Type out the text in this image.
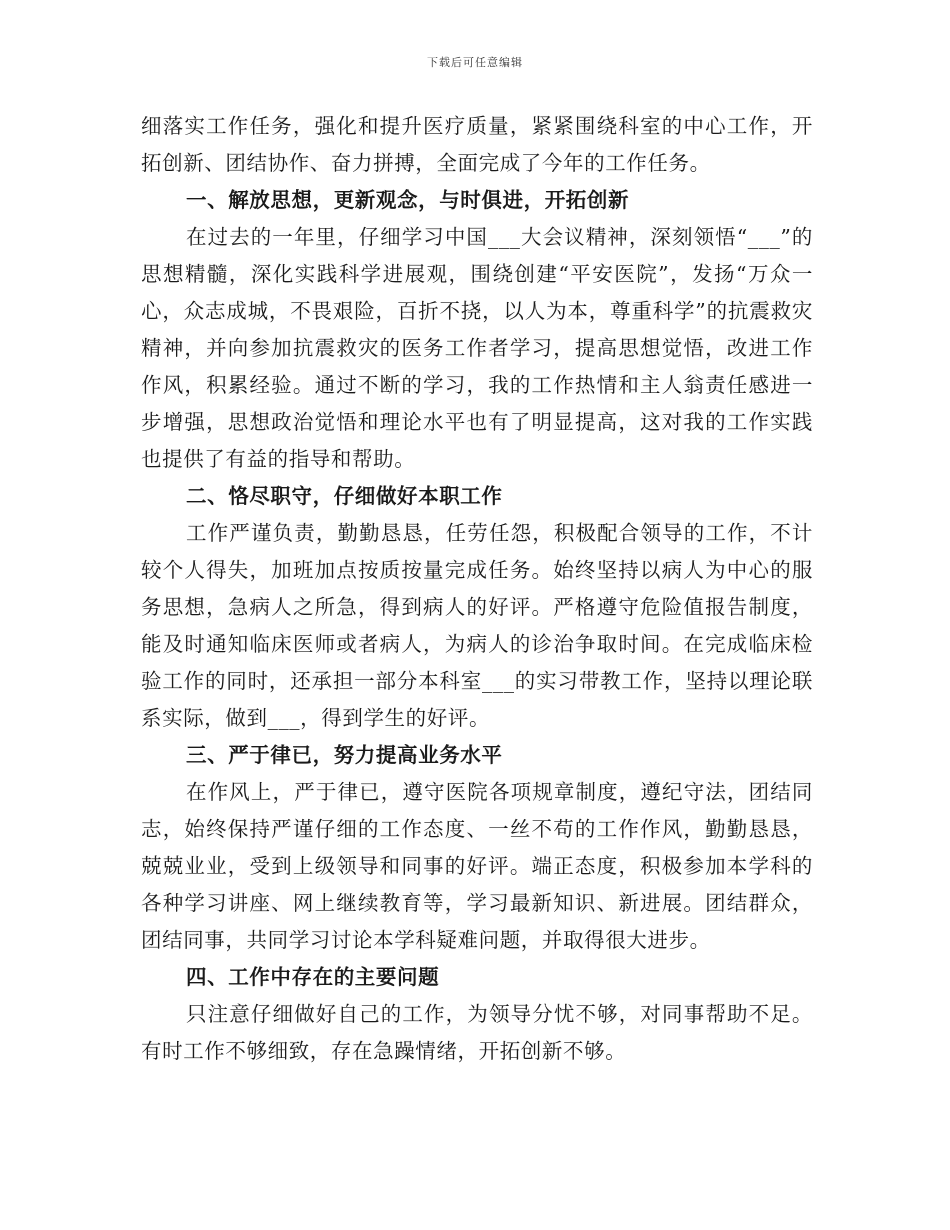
下载后可任意编辑

细落实工作任务，强化和提升医疗质量，紧紧围绕科室的中心工作，开拓创新、团结协作、奋力拼搏，全面完成了今年的工作任务。

一、解放思想，更新观念，与时俱进，开拓创新

在过去的一年里，仔细学习中国___大会议精神，深刻领悟“___”的思想精髓，深化实践科学进展观，围绕创建“平安医院”，发扬“万众一心，众志成城，不畏艰险，百折不挠，以人为本，尊重科学”的抗震救灾精神，并向参加抗震救灾的医务工作者学习，提高思想觉悟，改进工作作风，积累经验。通过不断的学习，我的工作热情和主人翁责任感进一步增强，思想政治觉悟和理论水平也有了明显提高，这对我的工作实践也提供了有益的指导和帮助。

二、恪尽职守，仔细做好本职工作

工作严谨负责，勤勤恳恳，任劳任怨，积极配合领导的工作，不计较个人得失，加班加点按质按量完成任务。始终坚持以病人为中心的服务思想，急病人之所急，得到病人的好评。严格遵守危险值报告制度，能及时通知临床医师或者病人，为病人的诊治争取时间。在完成临床检验工作的同时，还承担一部分本科室___的实习带教工作，坚持以理论联系实际，做到___，得到学生的好评。

三、严于律已，努力提高业务水平

在作风上，严于律已，遵守医院各项规章制度，遵纪守法，团结同志，始终保持严谨仔细的工作态度、一丝不苟的工作作风，勤勤恳恳，兢兢业业，受到上级领导和同事的好评。端正态度，积极参加本学科的各种学习讲座、网上继续教育等，学习最新知识、新进展。团结群众，团结同事，共同学习讨论本学科疑难问题，并取得很大进步。

四、工作中存在的主要问题

只注意仔细做好自己的工作，为领导分忧不够，对同事帮助不足。有时工作不够细致，存在急躁情绪，开拓创新不够。
